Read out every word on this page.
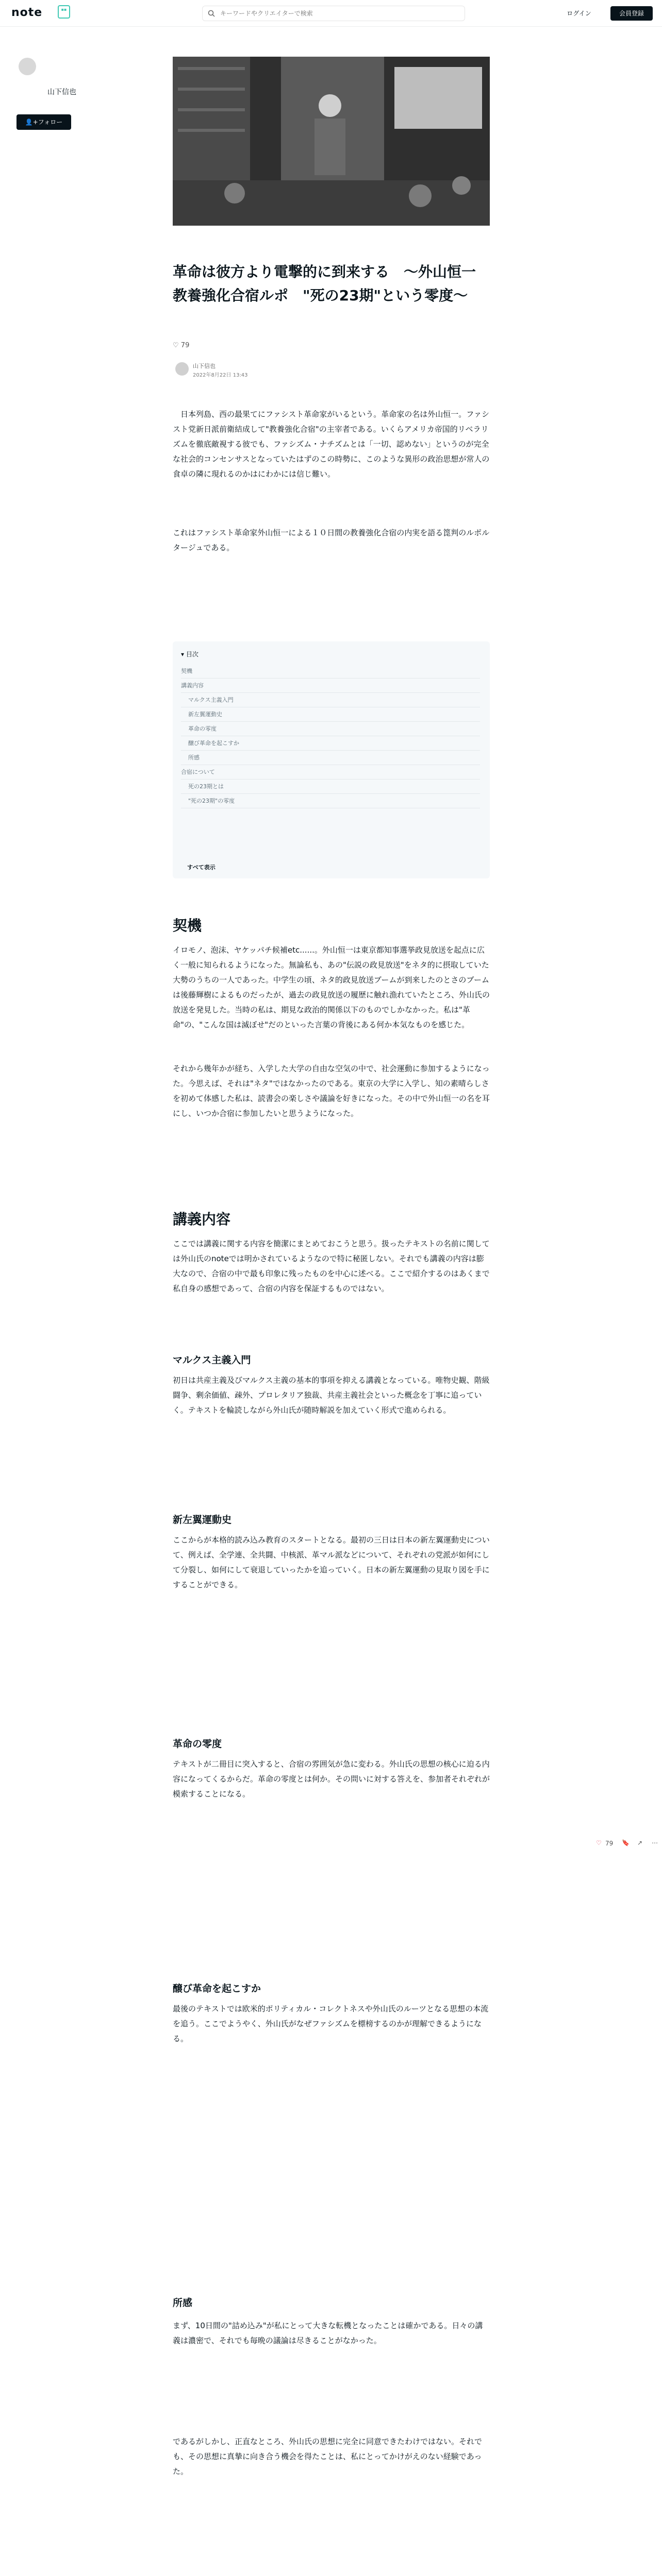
note	▪▪
キーワードやクリエイターで検索
ログイン	会員登録
山下信也
👤+フォロー
革命は彼方より電撃的に到来する　〜外山恒一教養強化合宿ルポ　"死の23期"という零度〜
♡ 79
山下信也
2022年8月22日 13:43
　日本列島、西の最果てにファシスト革命家がいるという。革命家の名は外山恒一。ファシスト党新日派前衛結成して"教養強化合宿"の主宰者である。いくらアメリカ帝国的リベラリズムを徹底敵視する彼でも、ファシズム・ナチズムとは「一切、認めない」というのが完全な社会的コンセンサスとなっていたはずのこの時勢に、このような異形の政治思想が常人の食卓の隣に現れるのかはにわかには信じ難い。
これはファシスト革命家外山恒一による１０日間の教養強化合宿の内実を語る箆判のルポルタージュである。
▾ 目次
契機
講義内容
マルクス主義入門
新左翼運動史
革命の零度
醸び革命を起こすか
所感
合宿について
死の23期とは
"死の23期"の零度
すべて表示
契機
イロモノ、泡沫、ヤケッパチ候補etc......。外山恒一は東京都知事選挙政見放送を起点に広く一般に知られるようになった。無論私も、あの"伝説の政見放送"をネタ的に摂取していた大勢のうちの一人であった。中学生の頃、ネタ的政見放送ブームが到来したのとさのブームは後藤輝樹によるものだったが、過去の政見放送の履歴に触れ漁れていたところ、外山氏の放送を発見した。当時の私は、期見な政治的関係以下のものでしかなかった。私は"革命"の、"こんな国は滅ぼせ"だのといった言葉の背後にある何か本気なものを感じた。
それから幾年かが経ち、入学した大学の自由な空気の中で、社会運動に参加するようになった。今思えば、それは"ネタ"ではなかったのである。東京の大学に入学し、知の素晴らしさを初めて体感した私は、読書会の楽しさや議論を好きになった。その中で外山恒一の名を耳にし、いつか合宿に参加したいと思うようになった。
講義内容
ここでは講義に関する内容を簡潔にまとめておこうと思う。扱ったテキストの名前に関しては外山氏のnoteでは明かされているようなので特に秘匿しない。それでも講義の内容は膨大なので、合宿の中で最も印象に残ったものを中心に述べる。ここで紹介するのはあくまで私自身の感想であって、合宿の内容を保証するものではない。
マルクス主義入門
初日は共産主義及びマルクス主義の基本的事項を抑える講義となっている。唯物史観、階級闘争、剰余価値、疎外、プロレタリア独裁、共産主義社会といった概念を丁寧に追っていく。テキストを輪読しながら外山氏が随時解説を加えていく形式で進められる。
新左翼運動史
ここからが本格的読み込み教育のスタートとなる。最初の三日は日本の新左翼運動史について、例えば、全学連、全共闘、中核派、革マル派などについて、それぞれの党派が如何にして分裂し、如何にして衰退していったかを追っていく。日本の新左翼運動の見取り図を手にすることができる。
革命の零度
テキストが二冊目に突入すると、合宿の雰囲気が急に変わる。外山氏の思想の核心に迫る内容になってくるからだ。革命の零度とは何か。その問いに対する答えを、参加者それぞれが模索することになる。
醸び革命を起こすか
最後のテキストでは欧米的ポリティカル・コレクトネスや外山氏のルーツとなる思想の本流を追う。ここでようやく、外山氏がなぜファシズムを標榜するのかが理解できるようになる。
所感
まず、10日間の"詰め込み"が私にとって大きな転機となったことは確かである。日々の講義は濃密で、それでも毎晩の議論は尽きることがなかった。
であるがしかし、正直なところ、外山氏の思想に完全に同意できたわけではない。それでも、その思想に真摯に向き合う機会を得たことは、私にとってかけがえのない経験であった。
♡ 79 🔖 ↗ ⋯
